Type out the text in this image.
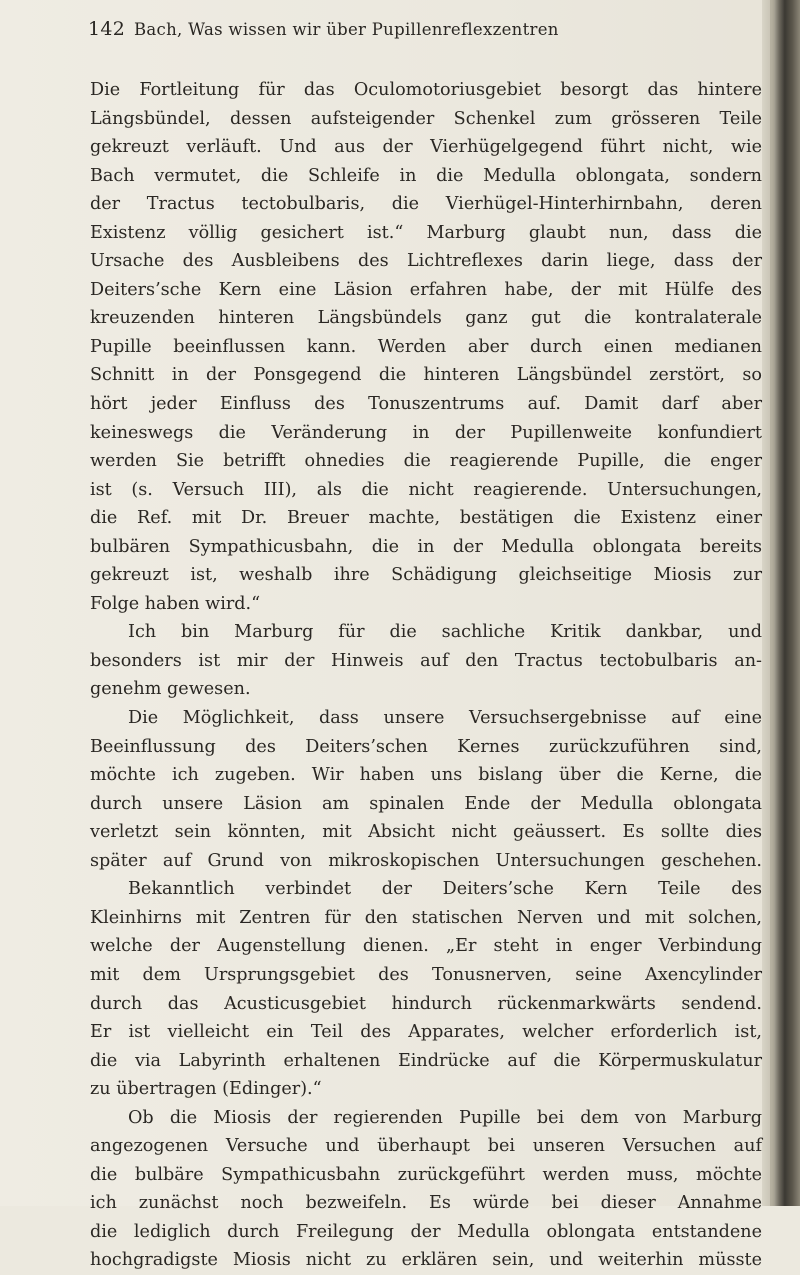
142 Bach, Was wissen wir über Pupillenreflexzentren
Die Fortleitung für das Oculomotoriusgebiet besorgt das hintere
Längsbündel, dessen aufsteigender Schenkel zum grösseren Teile
gekreuzt verläuft. Und aus der Vierhügelgegend führt nicht, wie
Bach vermutet, die Schleife in die Medulla oblongata, sondern
der Tractus tectobulbaris, die Vierhügel-Hinterhirnbahn, deren
Existenz völlig gesichert ist.“ Marburg glaubt nun, dass die
Ursache des Ausbleibens des Lichtreflexes darin liege, dass der
Deiters’sche Kern eine Läsion erfahren habe, der mit Hülfe des
kreuzenden hinteren Längsbündels ganz gut die kontralaterale
Pupille beeinflussen kann. Werden aber durch einen medianen
Schnitt in der Ponsgegend die hinteren Längsbündel zerstört, so
hört jeder Einfluss des Tonuszentrums auf. Damit darf aber
keineswegs die Veränderung in der Pupillenweite konfundiert
werden Sie betrifft ohnedies die reagierende Pupille, die enger
ist (s. Versuch III), als die nicht reagierende. Untersuchungen,
die Ref. mit Dr. Breuer machte, bestätigen die Existenz einer
bulbären Sympathicusbahn, die in der Medulla oblongata bereits
gekreuzt ist, weshalb ihre Schädigung gleichseitige Miosis zur
Folge haben wird.“
Ich bin Marburg für die sachliche Kritik dankbar, und
besonders ist mir der Hinweis auf den Tractus tectobulbaris an-
genehm gewesen.
Die Möglichkeit, dass unsere Versuchsergebnisse auf eine
Beeinflussung des Deiters’schen Kernes zurückzuführen sind,
möchte ich zugeben. Wir haben uns bislang über die Kerne, die
durch unsere Läsion am spinalen Ende der Medulla oblongata
verletzt sein könnten, mit Absicht nicht geäussert. Es sollte dies
später auf Grund von mikroskopischen Untersuchungen geschehen.
Bekanntlich verbindet der Deiters’sche Kern Teile des
Kleinhirns mit Zentren für den statischen Nerven und mit solchen,
welche der Augenstellung dienen. „Er steht in enger Verbindung
mit dem Ursprungsgebiet des Tonusnerven, seine Axencylinder
durch das Acusticusgebiet hindurch rückenmarkwärts sendend.
Er ist vielleicht ein Teil des Apparates, welcher erforderlich ist,
die via Labyrinth erhaltenen Eindrücke auf die Körpermuskulatur
zu übertragen (Edinger).“
Ob die Miosis der regierenden Pupille bei dem von Marburg
angezogenen Versuche und überhaupt bei unseren Versuchen auf
die bulbäre Sympathicusbahn zurückgeführt werden muss, möchte
ich zunächst noch bezweifeln. Es würde bei dieser Annahme
die lediglich durch Freilegung der Medulla oblongata entstandene
hochgradigste Miosis nicht zu erklären sein, und weiterhin müsste
